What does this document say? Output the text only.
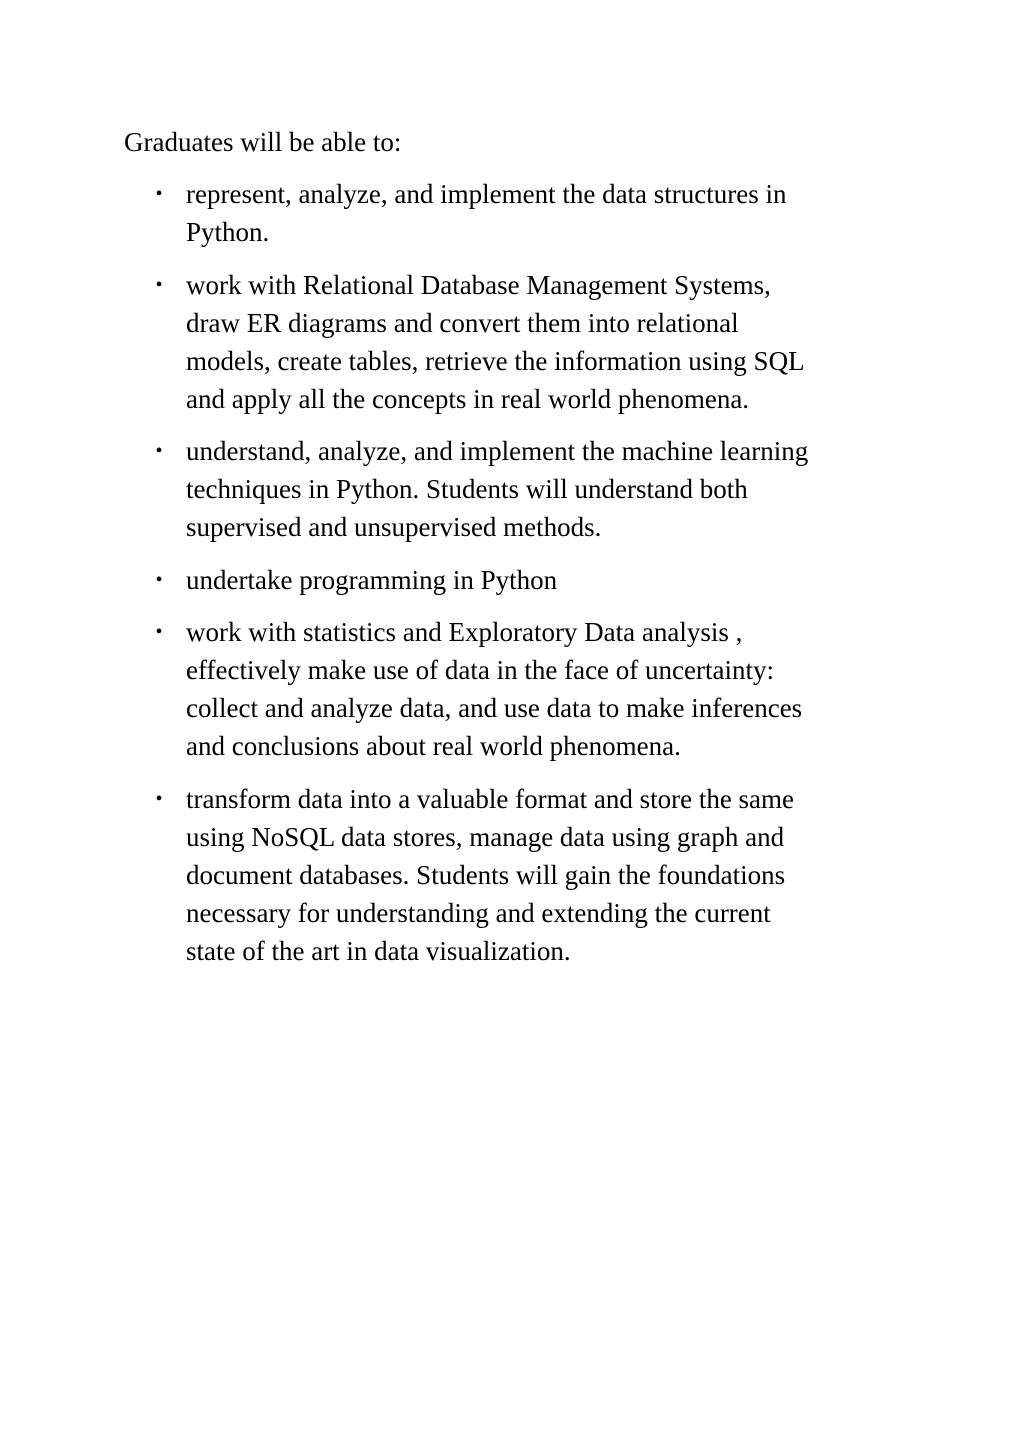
Graduates will be able to:

• represent, analyze, and implement the data structures in
Python.
• work with Relational Database Management Systems,
draw ER diagrams and convert them into relational
models, create tables, retrieve the information using SQL
and apply all the concepts in real world phenomena.
• understand, analyze, and implement the machine learning
techniques in Python. Students will understand both
supervised and unsupervised methods.
• undertake programming in Python
• work with statistics and Exploratory Data analysis ,
effectively make use of data in the face of uncertainty:
collect and analyze data, and use data to make inferences
and conclusions about real world phenomena.
• transform data into a valuable format and store the same
using NoSQL data stores, manage data using graph and
document databases. Students will gain the foundations
necessary for understanding and extending the current
state of the art in data visualization.
